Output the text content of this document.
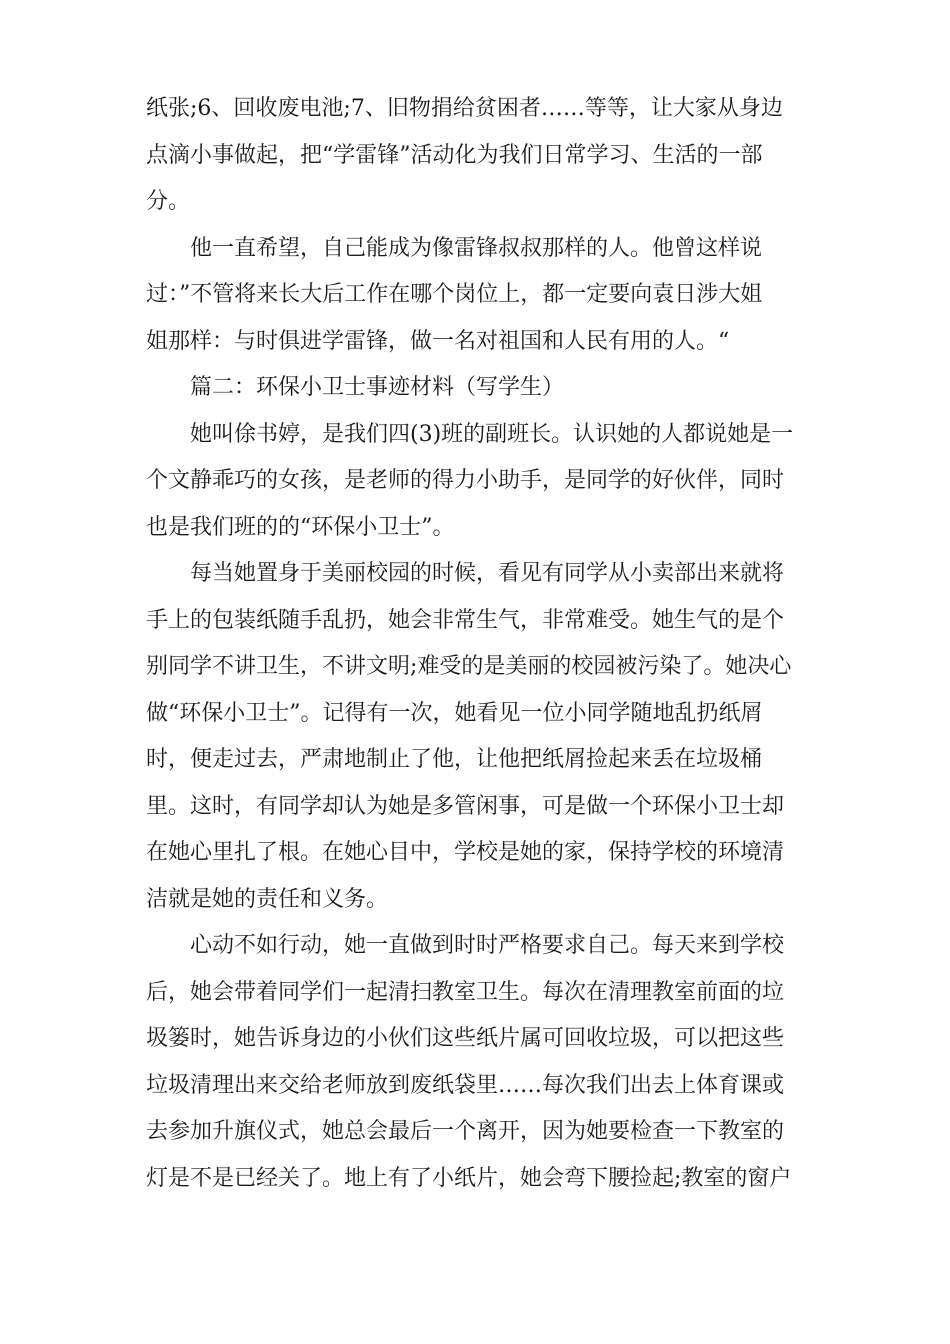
纸张;6、回收废电池;7、旧物捐给贫困者……等等，让大家从身边
点滴小事做起，把“学雷锋”活动化为我们日常学习、生活的一部
分。
他一直希望，自己能成为像雷锋叔叔那样的人。他曾这样说
过：”不管将来长大后工作在哪个岗位上，都一定要向袁日涉大姐
姐那样：与时俱进学雷锋，做一名对祖国和人民有用的人。“
篇二：环保小卫士事迹材料（写学生）
她叫俆书婷，是我们四(3)班的副班长。认识她的人都说她是一
个文静乖巧的女孩，是老师的得力小助手，是同学的好伙伴，同时
也是我们班的的“环保小卫士”。
每当她置身于美丽校园的时候，看见有同学从小卖部出来就将
手上的包装纸随手乱扔，她会非常生气，非常难受。她生气的是个
别同学不讲卫生，不讲文明;难受的是美丽的校园被污染了。她决心
做“环保小卫士”。记得有一次，她看见一位小同学随地乱扔纸屑
时，便走过去，严肃地制止了他，让他把纸屑捡起来丢在垃圾桶
里。这时，有同学却认为她是多管闲事，可是做一个环保小卫士却
在她心里扎了根。在她心目中，学校是她的家，保持学校的环境清
洁就是她的责任和义务。
心动不如行动，她一直做到时时严格要求自己。每天来到学校
后，她会带着同学们一起清扫教室卫生。每次在清理教室前面的垃
圾篓时，她告诉身边的小伙们这些纸片属可回收垃圾，可以把这些
垃圾清理出来交给老师放到废纸袋里……每次我们出去上体育课或
去参加升旗仪式，她总会最后一个离开，因为她要检查一下教室的
灯是不是已经关了。地上有了小纸片，她会弯下腰捡起;教室的窗户
